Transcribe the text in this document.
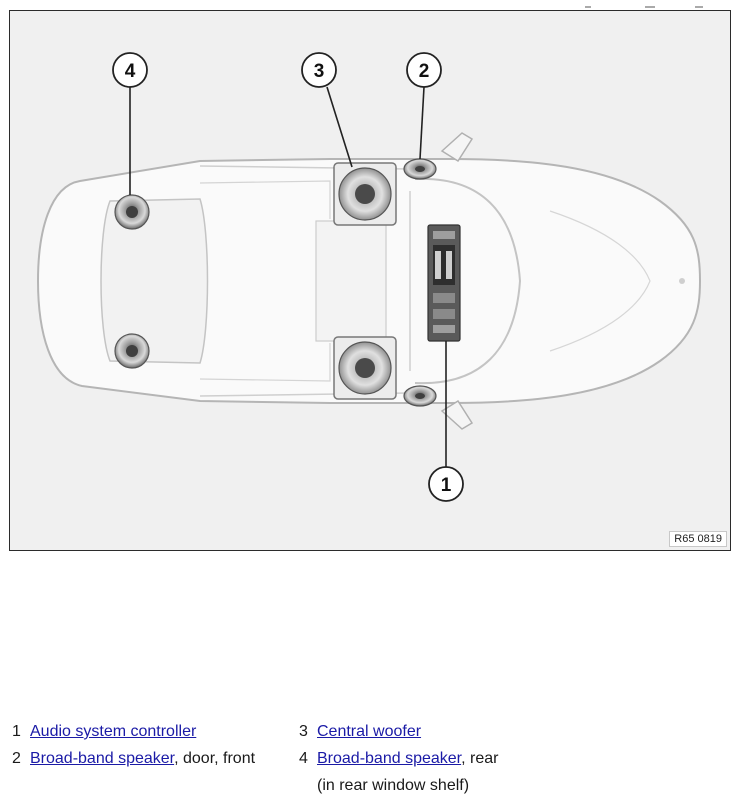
4	3	2
1
R65 0819
1 Audio system controller
2 Broad-band speaker, door, front
3 Central woofer
4 Broad-band speaker, rear
(in rear window shelf)
